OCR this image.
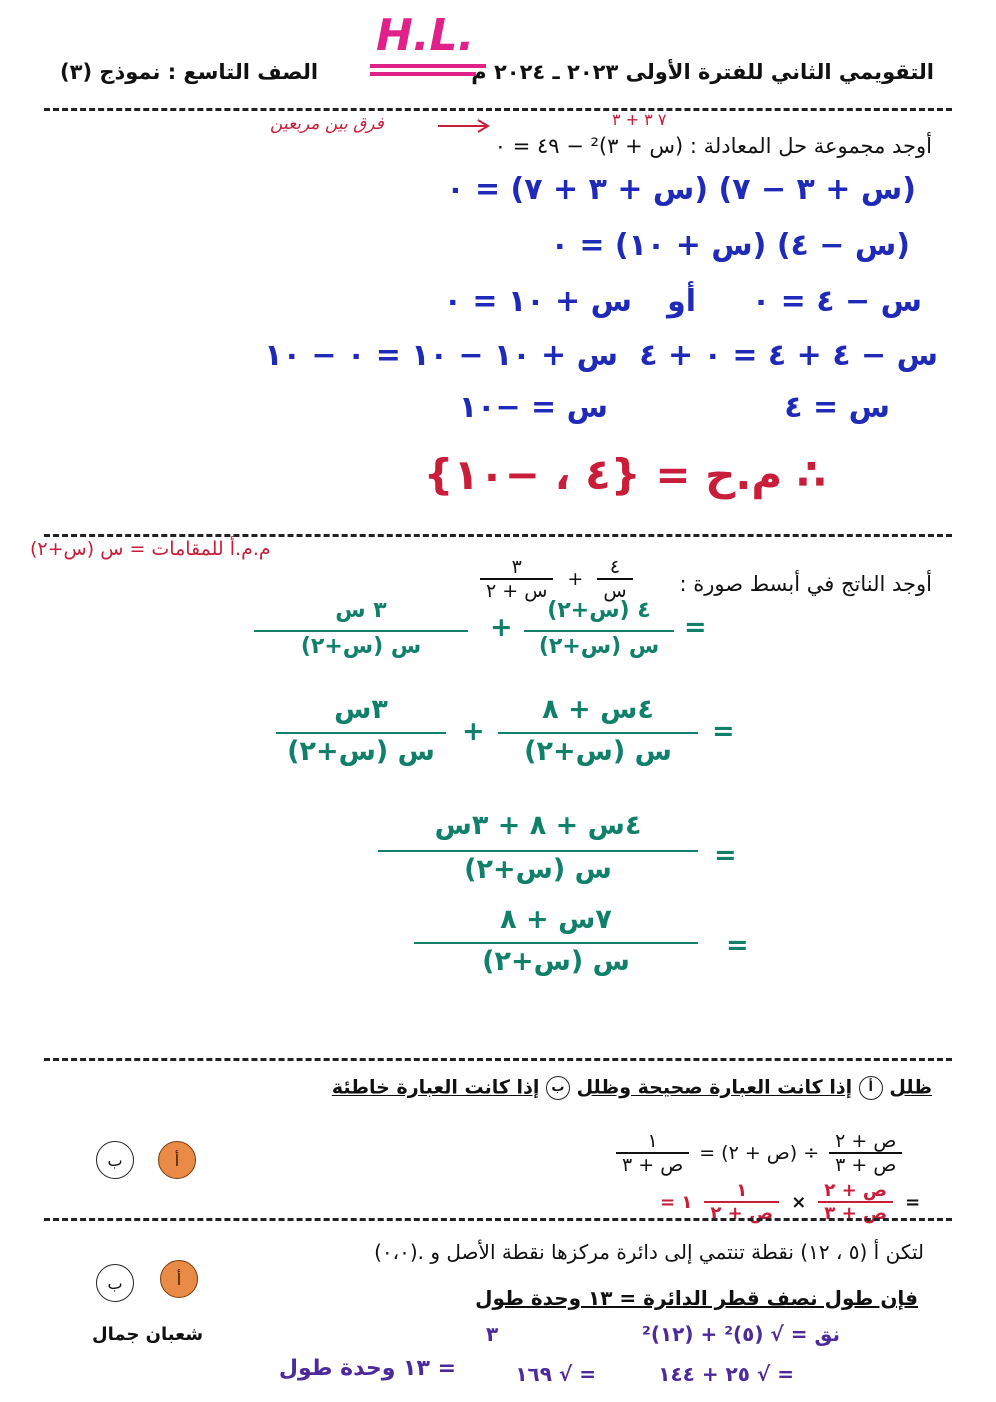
التقويمي الثاني للفترة الأولى ٢٠٢٣ ـ ٢٠٢٤ م
الصف التاسع : نموذج (٣)
H.L.
أوجد مجموعة حل المعادلة : (س + ٣)² − ٤٩ = ٠
فرق بين مربعين	٧ ٣ + ٣
(س + ٣ − ٧) (س + ٣ + ٧) = ٠
(س − ٤) (س + ١٠) = ٠
س − ٤ = ٠
أو
س + ١٠ = ٠
س − ٤ + ٤ = ٠ + ٤
س + ١٠ − ١٠ = ٠ − ١٠
س = ٤
س = −١٠
∴ م.ح = {٤ ، −١٠}
م.م.أ للمقامات = س (س+٢)
أوجد الناتج في أبسط صورة :
$\frac{٣}{\text{س + ٢}} + \frac{٤}{\text{س}}$
=
٤ (س+٢)
س (س+٢)
+
٣ س
س (س+٢)
=
٤س + ٨
س (س+٢)
+
٣س
س (س+٢)
=
٤س + ٨ + ٣س
س (س+٢)
=
٧س + ٨
س (س+٢)
ظلل أ إذا كانت العبارة صحيحة وظلل ب إذا كانت العبارة خاطئة
$\frac{١}{\text{ص + ٣}}$ ÷ (ص + ٢) = $\frac{\text{ص + ٢}}{\text{ص + ٣}}$
= ١ $\frac{١}{\text{ص + ٢}} \times \frac{\text{ص + ٢}}{\text{ص + ٣}}$ =
ب	أ
لتكن أ (٥ ، ١٢) نقطة تنتمي إلى دائرة مركزها نقطة الأصل و .(٠،٠)
فإن طول نصف قطر الدائرة = ١٣ وحدة طول
نق = √ (٥)² + (١٢)²
٣
= √ ٢٥ + ١٤٤
= √ ١٦٩
= ١٣ وحدة طول
ب	أ
شعبان جمال
